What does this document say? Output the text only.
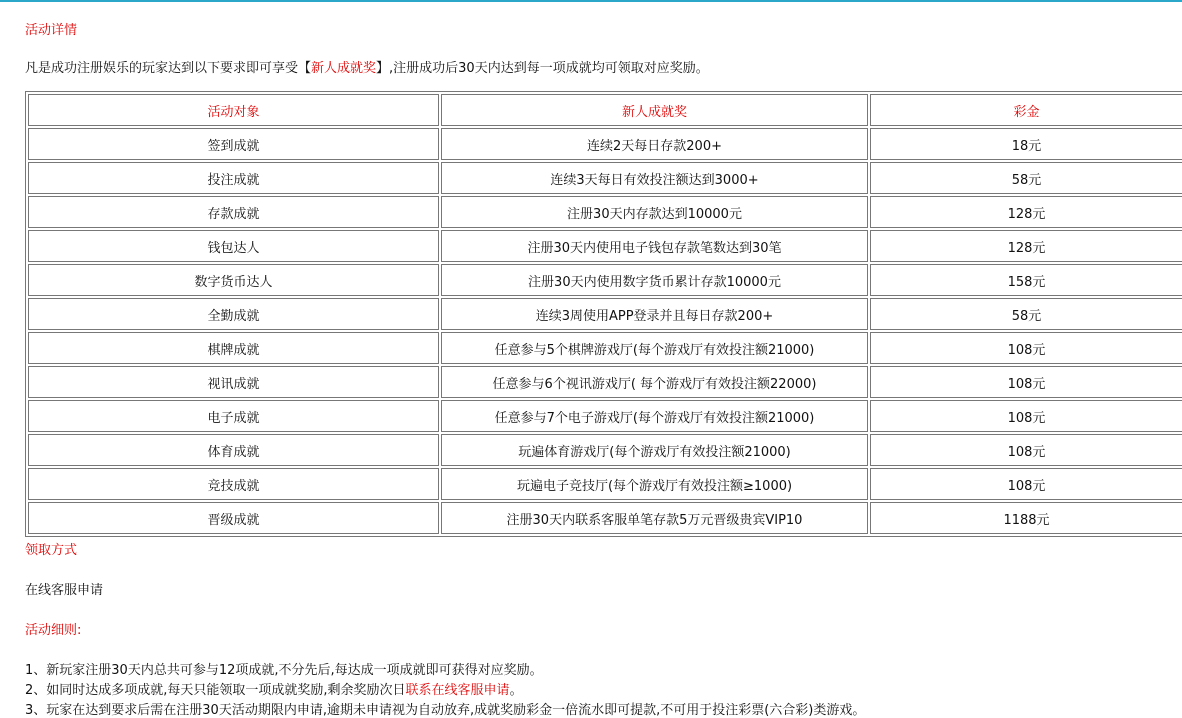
活动详情
凡是成功注册娱乐的玩家达到以下要求即可享受【新人成就奖】,注册成功后30天内达到每一项成就均可领取对应奖励。
活动对象	新人成就奖	彩金
签到成就	连续2天每日存款200+	18元
投注成就	连续3天每日有效投注额达到3000+	58元
存款成就	注册30天内存款达到10000元	128元
钱包达人	注册30天内使用电子钱包存款笔数达到30笔	128元
数字货币达人	注册30天内使用数字货币累计存款10000元	158元
全勤成就	连续3周使用APP登录并且每日存款200+	58元
棋牌成就	任意参与5个棋牌游戏厅(每个游戏厅有效投注额21000)	108元
视讯成就	任意参与6个视讯游戏厅( 每个游戏厅有效投注额22000)	108元
电子成就	任意参与7个电子游戏厅(每个游戏厅有效投注额21000)	108元
体育成就	玩遍体育游戏厅(每个游戏厅有效投注额21000)	108元
竞技成就	玩遍电子竞技厅(每个游戏厅有效投注额≥1000)	108元
晋级成就	注册30天内联系客服单笔存款5万元晋级贵宾VIP10	1188元
领取方式
在线客服申请
活动细则:
1、新玩家注册30天内总共可参与12项成就,不分先后,每达成一项成就即可获得对应奖励。
2、如同时达成多项成就,每天只能领取一项成就奖励,剩余奖励次日联系在线客服申请。
3、玩家在达到要求后需在注册30天活动期限内申请,逾期未申请视为自动放弃,成就奖励彩金一倍流水即可提款,不可用于投注彩票(六合彩)类游戏。
